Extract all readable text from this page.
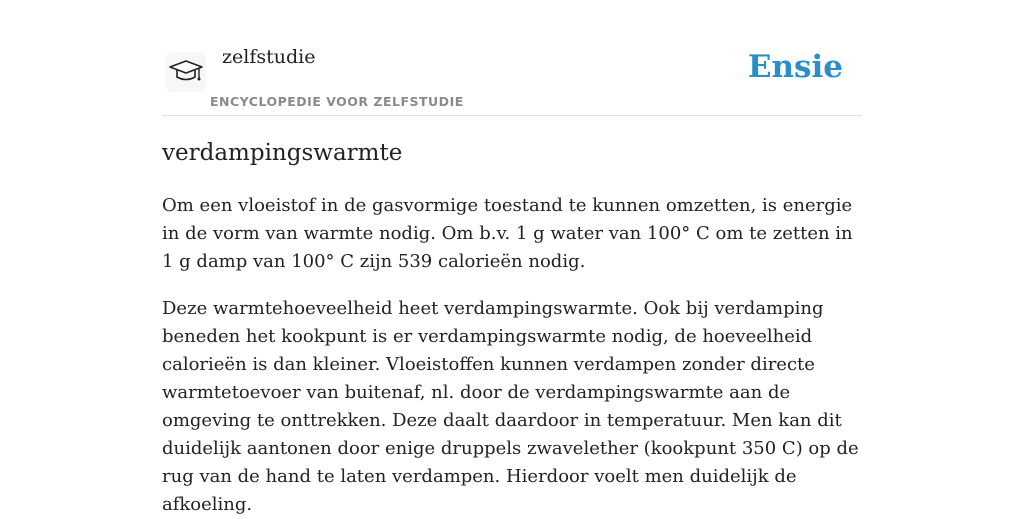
zelfstudie
ENCYCLOPEDIE VOOR ZELFSTUDIE
Ensie
verdampingswarmte

Om een vloeistof in de gasvormige toestand te kunnen omzetten, is energie in de vorm van warmte nodig. Om b.v. 1 g water van 100° C om te zetten in 1 g damp van 100° C zijn 539 calorieën nodig.

Deze warmtehoeveelheid heet verdampingswarmte. Ook bij verdamping beneden het kookpunt is er verdampingswarmte nodig, de hoeveelheid calorieën is dan kleiner. Vloeistoffen kunnen verdampen zonder directe warmtetoevoer van buitenaf, nl. door de verdampingswarmte aan de omgeving te onttrekken. Deze daalt daardoor in temperatuur. Men kan dit duidelijk aantonen door enige druppels zwavelether (kookpunt 350 C) op de rug van de hand te laten verdampen. Hierdoor voelt men duidelijk de afkoeling.
